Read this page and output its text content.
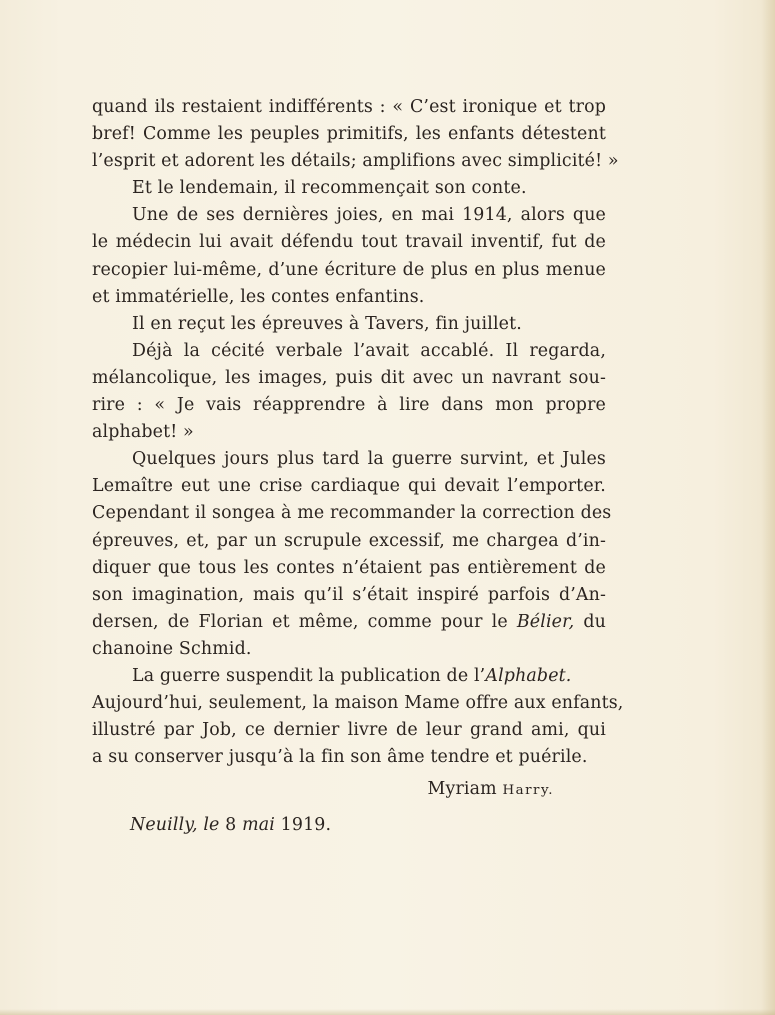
quand ils restaient indifférents : « C’est ironique et trop
bref! Comme les peuples primitifs, les enfants détestent
l’esprit et adorent les détails; amplifions avec simplicité! »
Et le lendemain, il recommençait son conte.
Une de ses dernières joies, en mai 1914, alors que
le médecin lui avait défendu tout travail inventif, fut de
recopier lui-même, d’une écriture de plus en plus menue
et immatérielle, les contes enfantins.
Il en reçut les épreuves à Tavers, fin juillet.
Déjà la cécité verbale l’avait accablé. Il regarda,
mélancolique, les images, puis dit avec un navrant sou-
rire : « Je vais réapprendre à lire dans mon propre
alphabet! »
Quelques jours plus tard la guerre survint, et Jules
Lemaître eut une crise cardiaque qui devait l’emporter.
Cependant il songea à me recommander la correction des
épreuves, et, par un scrupule excessif, me chargea d’in-
diquer que tous les contes n’étaient pas entièrement de
son imagination, mais qu’il s’était inspiré parfois d’An-
dersen, de Florian et même, comme pour le Bélier, du
chanoine Schmid.
La guerre suspendit la publication de l’Alphabet.
Aujourd’hui, seulement, la maison Mame offre aux enfants,
illustré par Job, ce dernier livre de leur grand ami, qui
a su conserver jusqu’à la fin son âme tendre et puérile.
Myriam Harry.
Neuilly, le 8 mai 1919.
